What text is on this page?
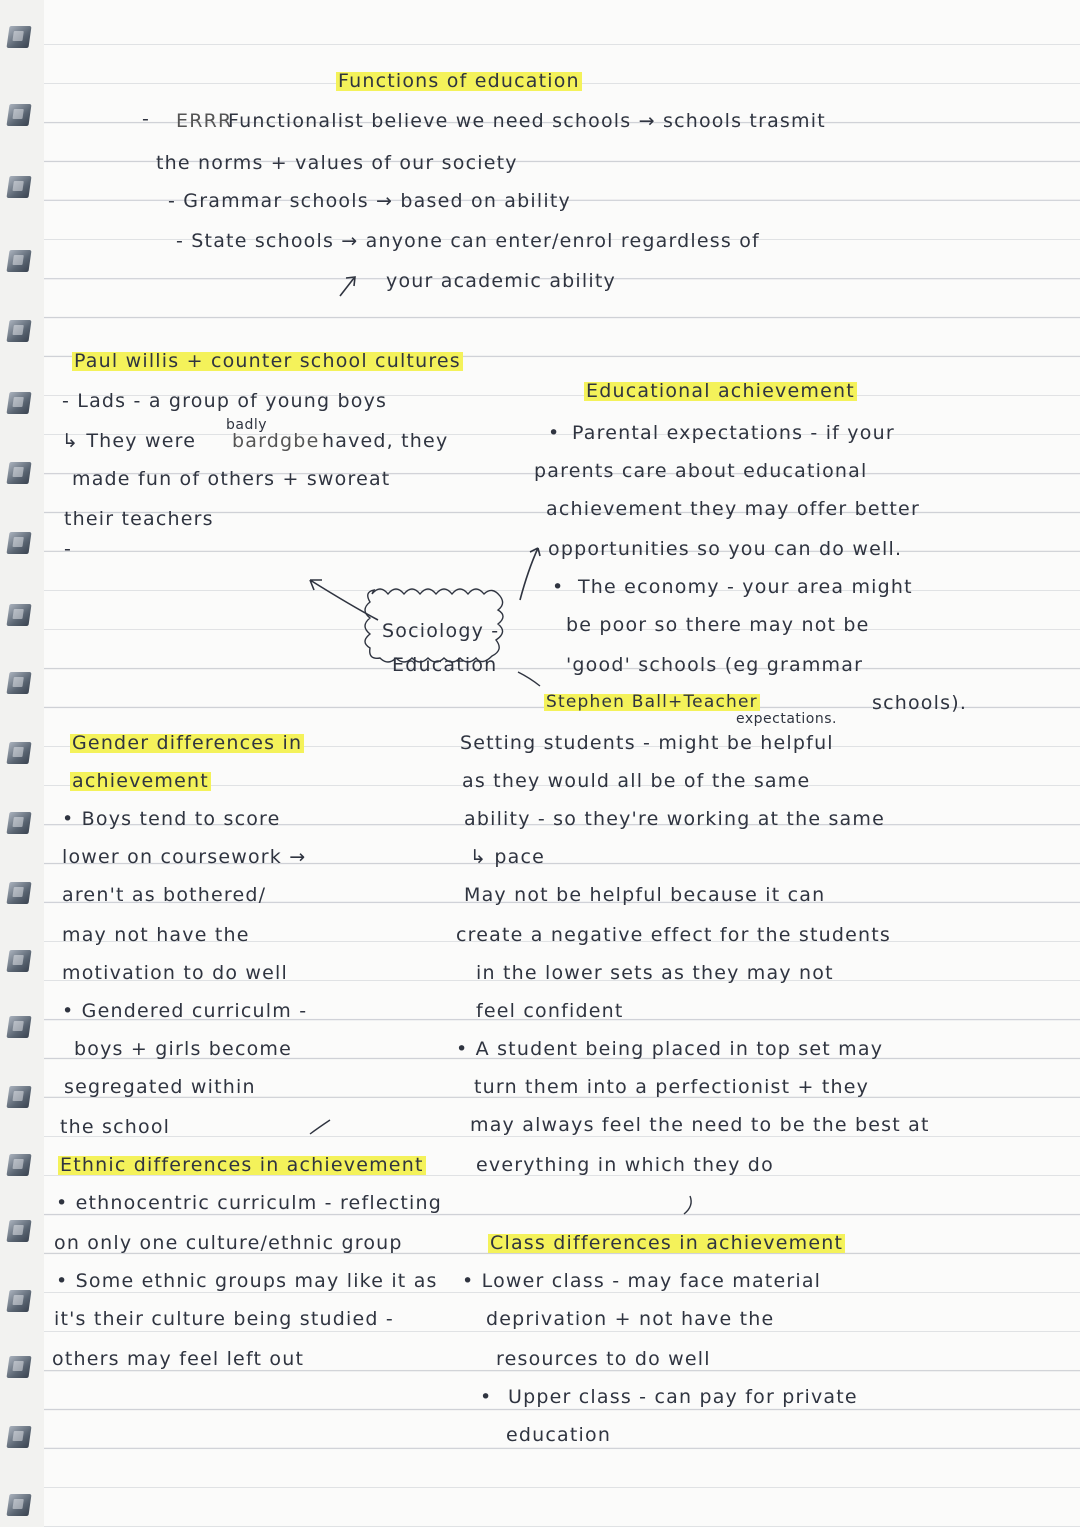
Functions of education
- ERRR
Functionalist believe we need schools → schools trasmit
the norms + values of our society
- Grammar schools → based on ability
- State schools → anyone can enter/enrol regardless of
your academic ability
Paul willis + counter school cultures
- Lads - a group of young boys
badly
↳ They were bardgbe haved, they
made fun of others + sworeat
their teachers
-
Educational achievement
• Parental expectations - if your
parents care about educational
achievement they may offer better
opportunities so you can do well.
• The economy - your area might
be poor so there may not be
'good' schools (eg grammar
Stephen Ball+Teacher
expectations.
schools).
Setting students - might be helpful
as they would all be of the same
ability - so they're working at the same
↳ pace
May not be helpful because it can
create a negative effect for the students
in the lower sets as they may not
feel confident
• A student being placed in top set may
turn them into a perfectionist + they
may always feel the need to be the best at
everything in which they do
Sociology -
Education
Gender differences in
achievement
• Boys tend to score
lower on coursework →
aren't as bothered/
may not have the
motivation to do well
• Gendered curriculm -
boys + girls become
segregated within
the school
Ethnic differences in achievement
• ethnocentric curriculm - reflecting
on only one culture/ethnic group
• Some ethnic groups may like it as
it's their culture being studied -
others may feel left out
Class differences in achievement
• Lower class - may face material
deprivation + not have the
resources to do well
• Upper class - can pay for private
education
